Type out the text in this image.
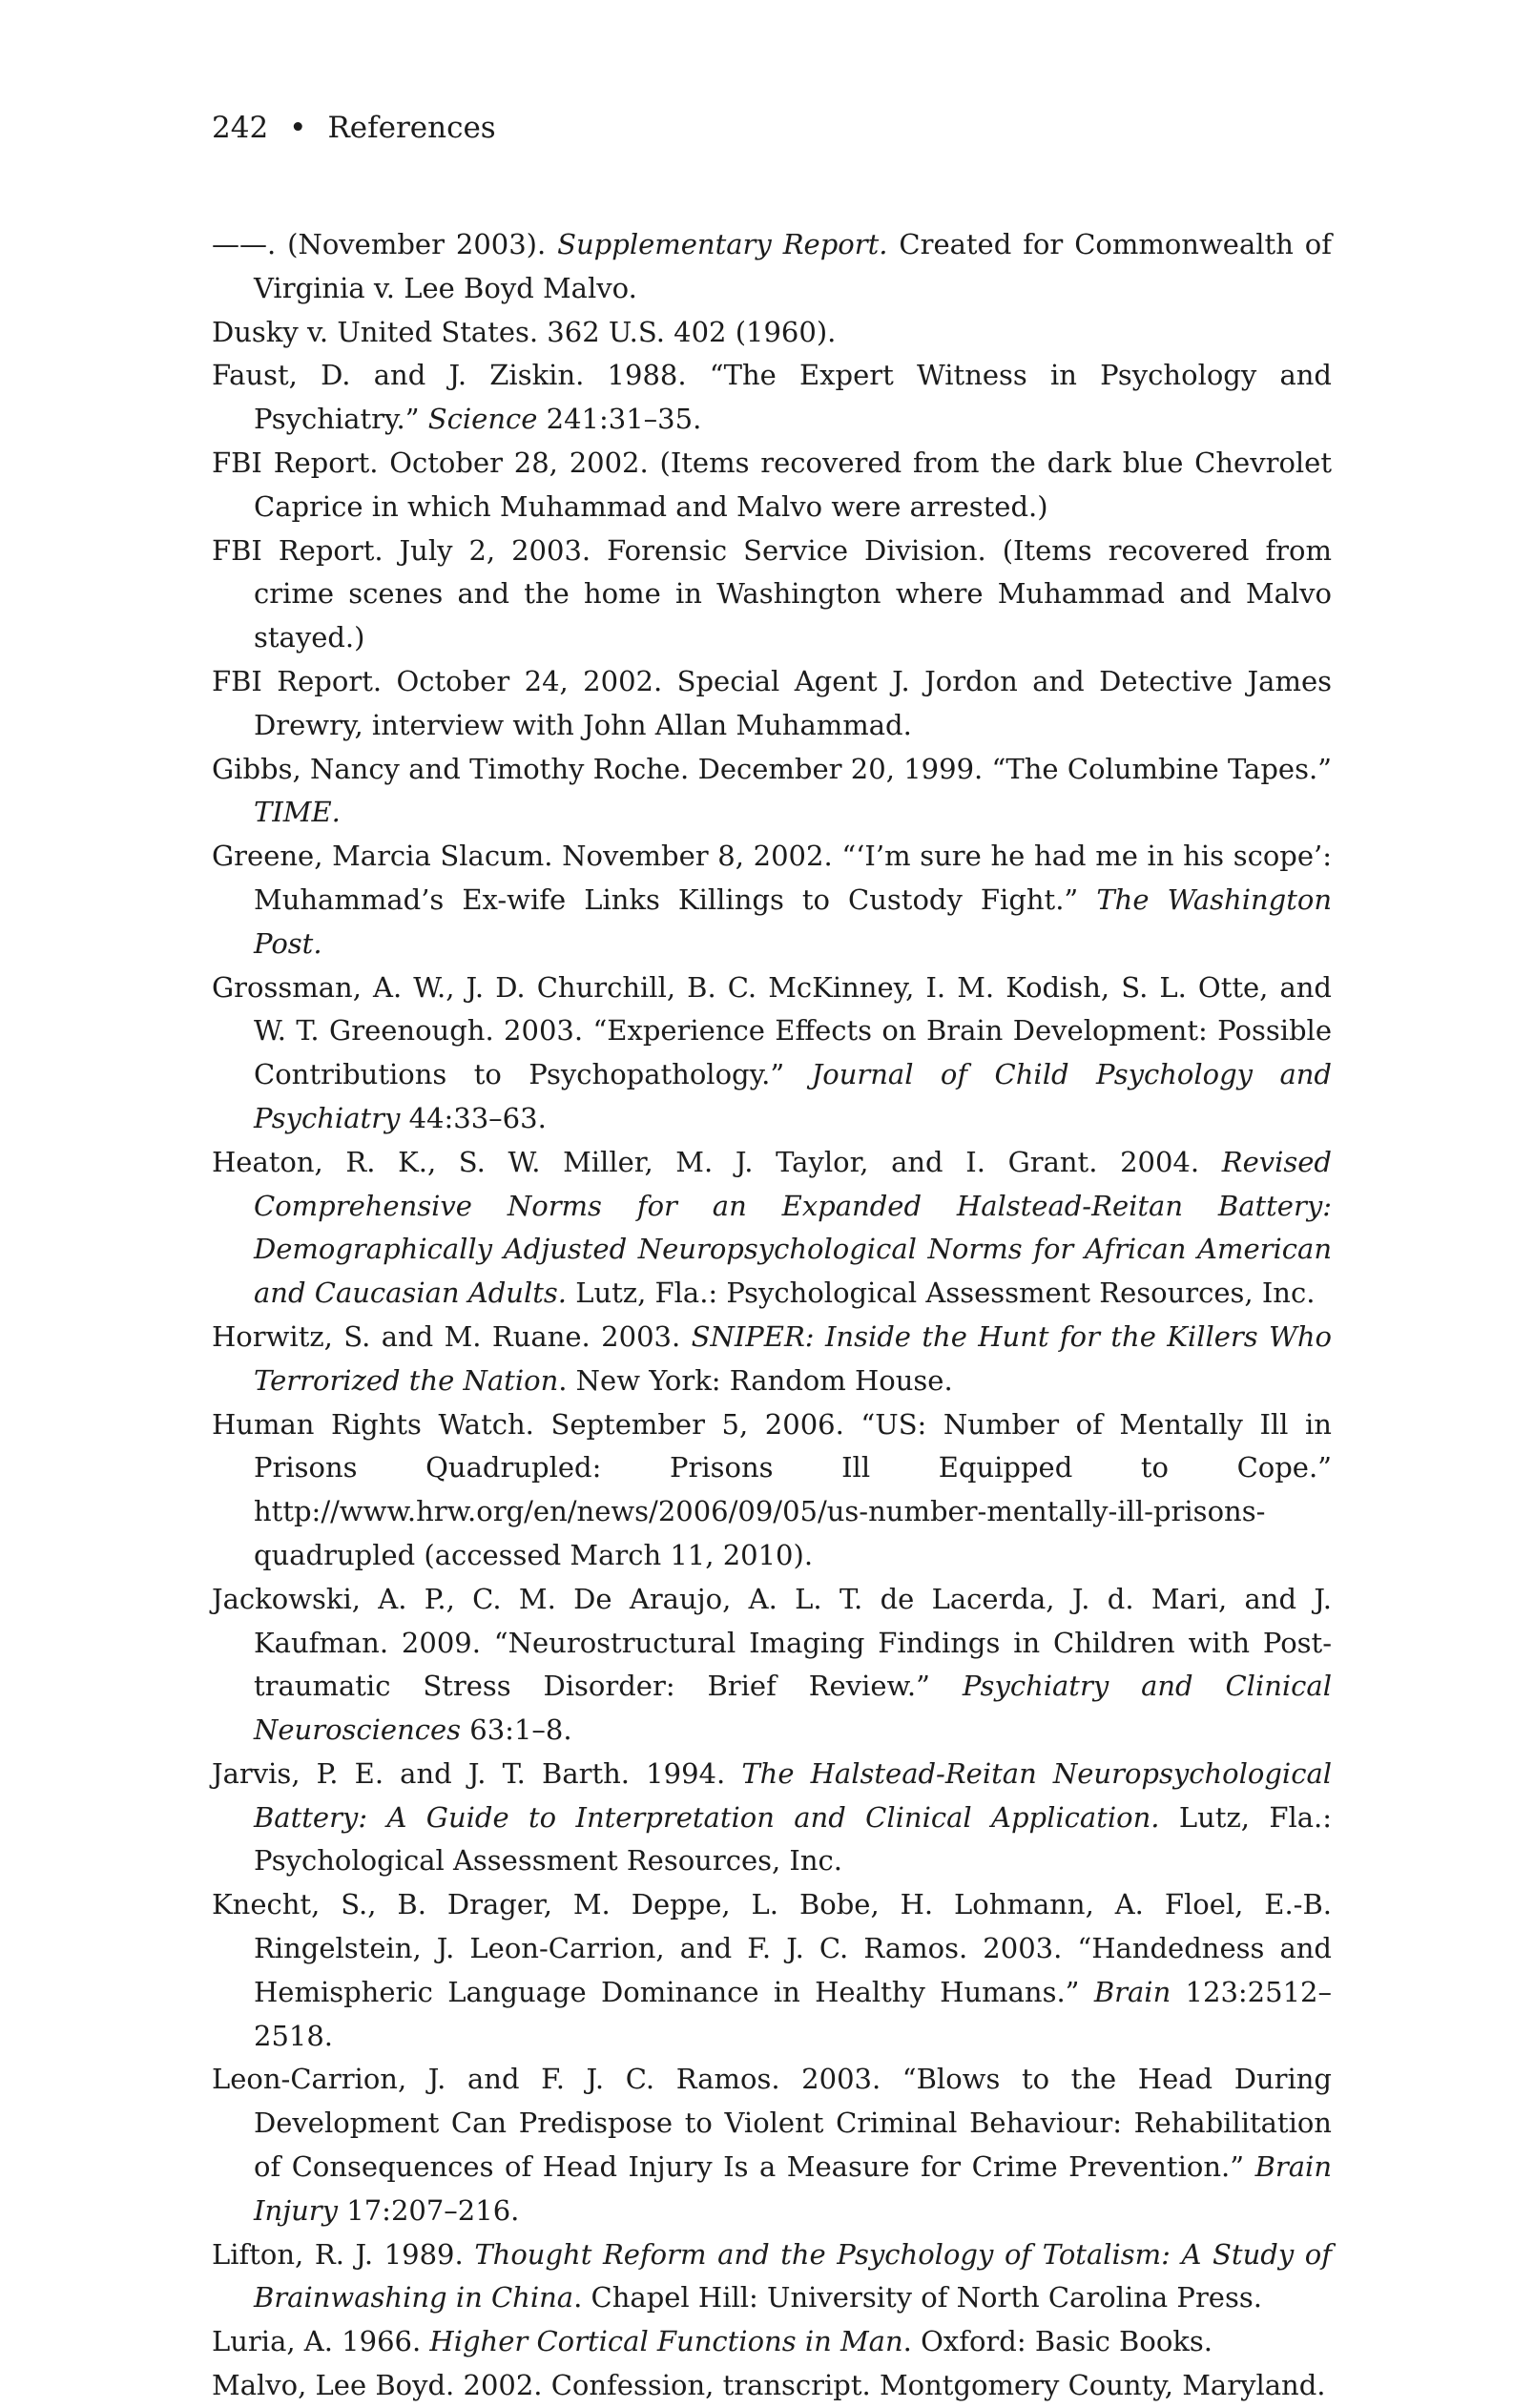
242 • References
——. (November 2003). Supplementary Report. Created for Commonwealth of Virginia v. Lee Boyd Malvo.
Dusky v. United States. 362 U.S. 402 (1960).
Faust, D. and J. Ziskin. 1988. “The Expert Witness in Psychology and Psychiatry.” Science 241:31–35.
FBI Report. October 28, 2002. (Items recovered from the dark blue Chevrolet Caprice in which Muhammad and Malvo were arrested.)
FBI Report. July 2, 2003. Forensic Service Division. (Items recovered from crime scenes and the home in Washington where Muhammad and Malvo stayed.)
FBI Report. October 24, 2002. Special Agent J. Jordon and Detective James Drewry, interview with John Allan Muhammad.
Gibbs, Nancy and Timothy Roche. December 20, 1999. “The Columbine Tapes.” TIME.
Greene, Marcia Slacum. November 8, 2002. “‘I’m sure he had me in his scope’: Muhammad’s Ex-wife Links Killings to Custody Fight.” The Washington Post.
Grossman, A. W., J. D. Churchill, B. C. McKinney, I. M. Kodish, S. L. Otte, and W. T. Greenough. 2003. “Experience Effects on Brain Development: Possible Contributions to Psychopathology.” Journal of Child Psychology and Psychiatry 44:33–63.
Heaton, R. K., S. W. Miller, M. J. Taylor, and I. Grant. 2004. Revised Comprehensive Norms for an Expanded Halstead-Reitan Battery: Demographically Adjusted Neuropsychological Norms for African American and Caucasian Adults. Lutz, Fla.: Psychological Assessment Resources, Inc.
Horwitz, S. and M. Ruane. 2003. SNIPER: Inside the Hunt for the Killers Who Terrorized the Nation. New York: Random House.
Human Rights Watch. September 5, 2006. “US: Number of Mentally Ill in Prisons Quadrupled: Prisons Ill Equipped to Cope.” http://www.hrw.org/en/news/2006/09/05/us-number-mentally-ill-prisons-quadrupled (accessed March 11, 2010).
Jackowski, A. P., C. M. De Araujo, A. L. T. de Lacerda, J. d. Mari, and J. Kaufman. 2009. “Neurostructural Imaging Findings in Children with Post-traumatic Stress Disorder: Brief Review.” Psychiatry and Clinical Neurosciences 63:1–8.
Jarvis, P. E. and J. T. Barth. 1994. The Halstead-Reitan Neuropsychological Battery: A Guide to Interpretation and Clinical Application. Lutz, Fla.: Psychological Assessment Resources, Inc.
Knecht, S., B. Drager, M. Deppe, L. Bobe, H. Lohmann, A. Floel, E.-B. Ringelstein, J. Leon-Carrion, and F. J. C. Ramos. 2003. “Handedness and Hemispheric Language Dominance in Healthy Humans.” Brain 123:2512–2518.
Leon-Carrion, J. and F. J. C. Ramos. 2003. “Blows to the Head During Development Can Predispose to Violent Criminal Behaviour: Rehabilitation of Consequences of Head Injury Is a Measure for Crime Prevention.” Brain Injury 17:207–216.
Lifton, R. J. 1989. Thought Reform and the Psychology of Totalism: A Study of Brainwashing in China. Chapel Hill: University of North Carolina Press.
Luria, A. 1966. Higher Cortical Functions in Man. Oxford: Basic Books.
Malvo, Lee Boyd. 2002. Confession, transcript. Montgomery County, Maryland.
